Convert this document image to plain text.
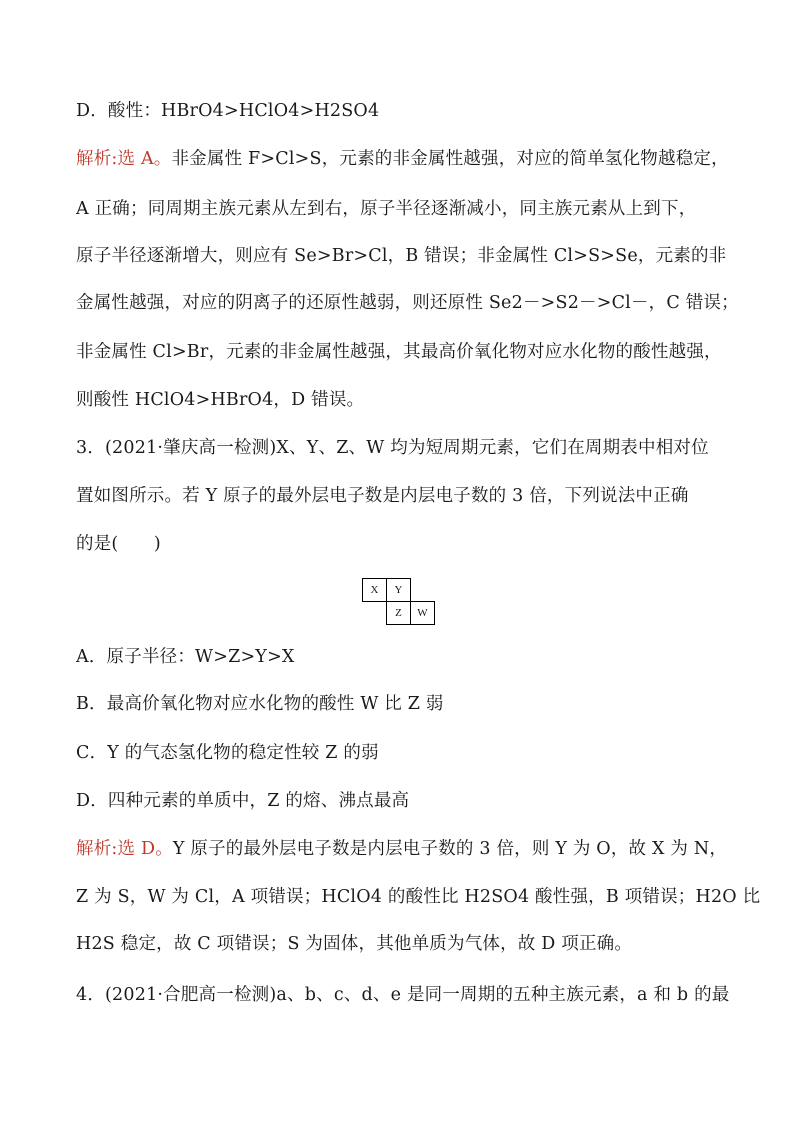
D．酸性：HBrO4>HClO4>H2SO4
解析:选 A。非金属性 F>Cl>S，元素的非金属性越强，对应的简单氢化物越稳定，
A 正确；同周期主族元素从左到右，原子半径逐渐减小，同主族元素从上到下，
原子半径逐渐增大，则应有 Se>Br>Cl，B 错误；非金属性 Cl>S>Se，元素的非
金属性越强，对应的阴离子的还原性越弱，则还原性 Se2－>S2－>Cl－，C 错误；
非金属性 Cl>Br，元素的非金属性越强，其最高价氧化物对应水化物的酸性越强，
则酸性 HClO4>HBrO4，D 错误。
3．(2021·肇庆高一检测)X、Y、Z、W 均为短周期元素，它们在周期表中相对位
置如图所示。若 Y 原子的最外层电子数是内层电子数的 3 倍，下列说法中正确
的是(　　)
X	Y
Z	W
A．原子半径：W>Z>Y>X
B．最高价氧化物对应水化物的酸性 W 比 Z 弱
C．Y 的气态氢化物的稳定性较 Z 的弱
D．四种元素的单质中，Z 的熔、沸点最高
解析:选 D。Y 原子的最外层电子数是内层电子数的 3 倍，则 Y 为 O，故 X 为 N，
Z 为 S，W 为 Cl，A 项错误；HClO4 的酸性比 H2SO4 酸性强，B 项错误；H2O 比
H2S 稳定，故 C 项错误；S 为固体，其他单质为气体，故 D 项正确。
4．(2021·合肥高一检测)a、b、c、d、e 是同一周期的五种主族元素，a 和 b 的最
